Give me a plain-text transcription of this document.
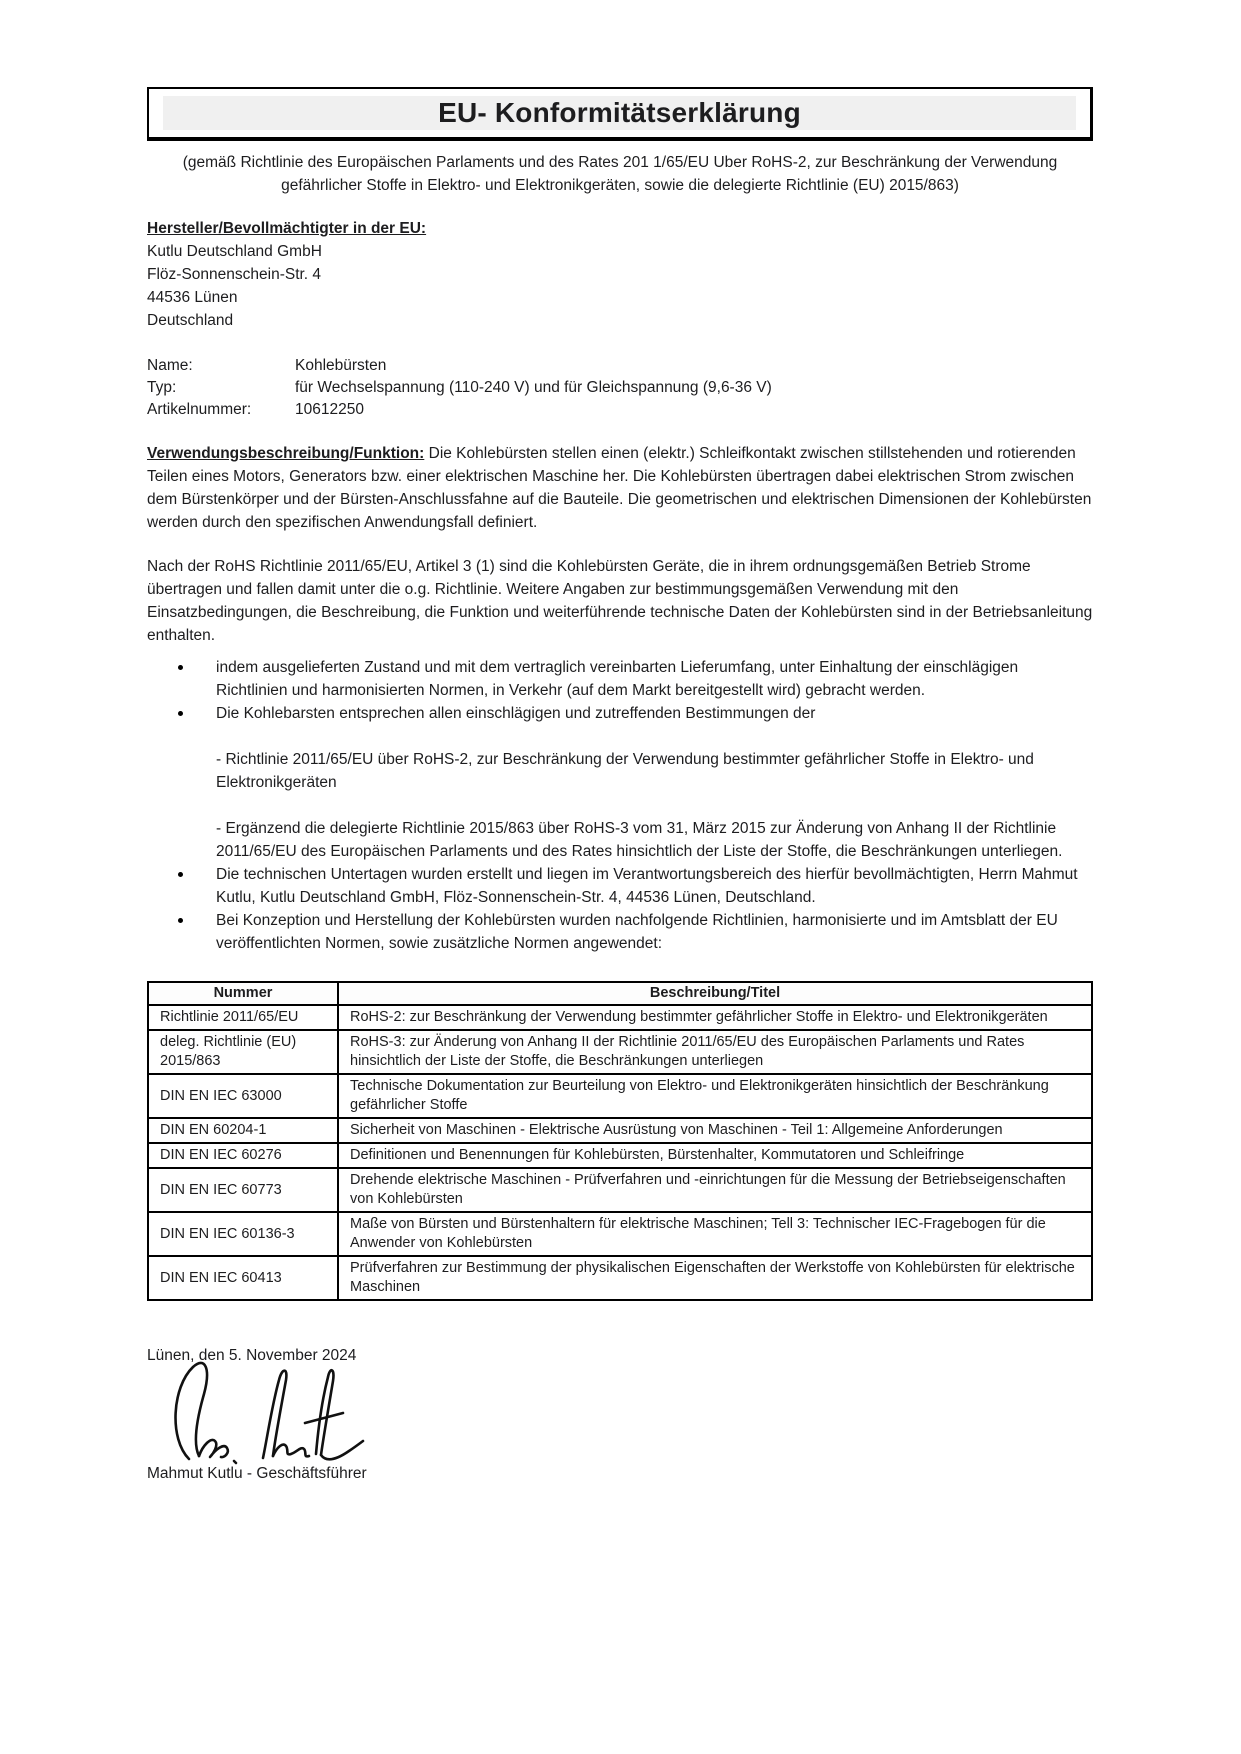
EU- Konformitätserklärung
(gemäß Richtlinie des Europäischen Parlaments und des Rates 201 1/65/EU Uber RoHS-2, zur Beschränkung der Verwendung gefährlicher Stoffe in Elektro- und Elektronikgeräten, sowie die delegierte Richtlinie (EU) 2015/863)
Hersteller/Bevollmächtigter in der EU:
Kutlu Deutschland GmbH
Flöz-Sonnenschein-Str. 4
44536 Lünen
Deutschland
Name:	Kohlebürsten
Typ:	für Wechselspannung (110-240 V) und für Gleichspannung (9,6-36 V)
Artikelnummer:	10612250
Verwendungsbeschreibung/Funktion: Die Kohlebürsten stellen einen (elektr.) Schleifkontakt zwischen stillstehenden und rotierenden Teilen eines Motors, Generators bzw. einer elektrischen Maschine her. Die Kohlebürsten übertragen dabei elektrischen Strom zwischen dem Bürstenkörper und der Bürsten-Anschlussfahne auf die Bauteile. Die geometrischen und elektrischen Dimensionen der Kohlebürsten werden durch den spezifischen Anwendungsfall definiert.
Nach der RoHS Richtlinie 2011/65/EU, Artikel 3 (1) sind die Kohlebürsten Geräte, die in ihrem ordnungsgemäßen Betrieb Strome übertragen und fallen damit unter die o.g. Richtlinie. Weitere Angaben zur bestimmungsgemäßen Verwendung mit den Einsatzbedingungen, die Beschreibung, die Funktion und weiterführende technische Daten der Kohlebürsten sind in der Betriebsanleitung enthalten.
indem ausgelieferten Zustand und mit dem vertraglich vereinbarten Lieferumfang, unter Einhaltung der einschlägigen Richtlinien und harmonisierten Normen, in Verkehr (auf dem Markt bereitgestellt wird) gebracht werden.
Die Kohlebarsten entsprechen allen einschlägigen und zutreffenden Bestimmungen der
- Richtlinie 2011/65/EU über RoHS-2, zur Beschränkung der Verwendung bestimmter gefährlicher Stoffe in Elektro- und Elektronikgeräten
- Ergänzend die delegierte Richtlinie 2015/863 über RoHS-3 vom 31, März 2015 zur Änderung von Anhang II der Richtlinie 2011/65/EU des Europäischen Parlaments und des Rates hinsichtlich der Liste der Stoffe, die Beschränkungen unterliegen.
Die technischen Untertagen wurden erstellt und liegen im Verantwortungsbereich des hierfür bevollmächtigten, Herrn Mahmut Kutlu, Kutlu Deutschland GmbH, Flöz-Sonnenschein-Str. 4, 44536 Lünen, Deutschland.
Bei Konzeption und Herstellung der Kohlebürsten wurden nachfolgende Richtlinien, harmonisierte und im Amtsblatt der EU veröffentlichten Normen, sowie zusätzliche Normen angewendet:
Nummer	Beschreibung/Titel
Richtlinie 2011/65/EU	RoHS-2: zur Beschränkung der Verwendung bestimmter gefährlicher Stoffe in Elektro- und Elektronikgeräten
deleg. Richtlinie (EU) 2015/863	RoHS-3: zur Änderung von Anhang II der Richtlinie 2011/65/EU des Europäischen Parlaments und Rates hinsichtlich der Liste der Stoffe, die Beschränkungen unterliegen
DIN EN IEC 63000	Technische Dokumentation zur Beurteilung von Elektro- und Elektronikgeräten hinsichtlich der Beschränkung gefährlicher Stoffe
DIN EN 60204-1	Sicherheit von Maschinen - Elektrische Ausrüstung von Maschinen - Teil 1: Allgemeine Anforderungen
DIN EN IEC 60276	Definitionen und Benennungen für Kohlebürsten, Bürstenhalter, Kommutatoren und Schleifringe
DIN EN IEC 60773	Drehende elektrische Maschinen - Prüfverfahren und -einrichtungen für die Messung der Betriebseigenschaften von Kohlebürsten
DIN EN IEC 60136-3	Maße von Bürsten und Bürstenhaltern für elektrische Maschinen; Tell 3: Technischer IEC-Fragebogen für die Anwender von Kohlebürsten
DIN EN IEC 60413	Prüfverfahren zur Bestimmung der physikalischen Eigenschaften der Werkstoffe von Kohlebürsten für elektrische Maschinen
Lünen, den 5. November 2024
Mahmut Kutlu - Geschäftsführer
